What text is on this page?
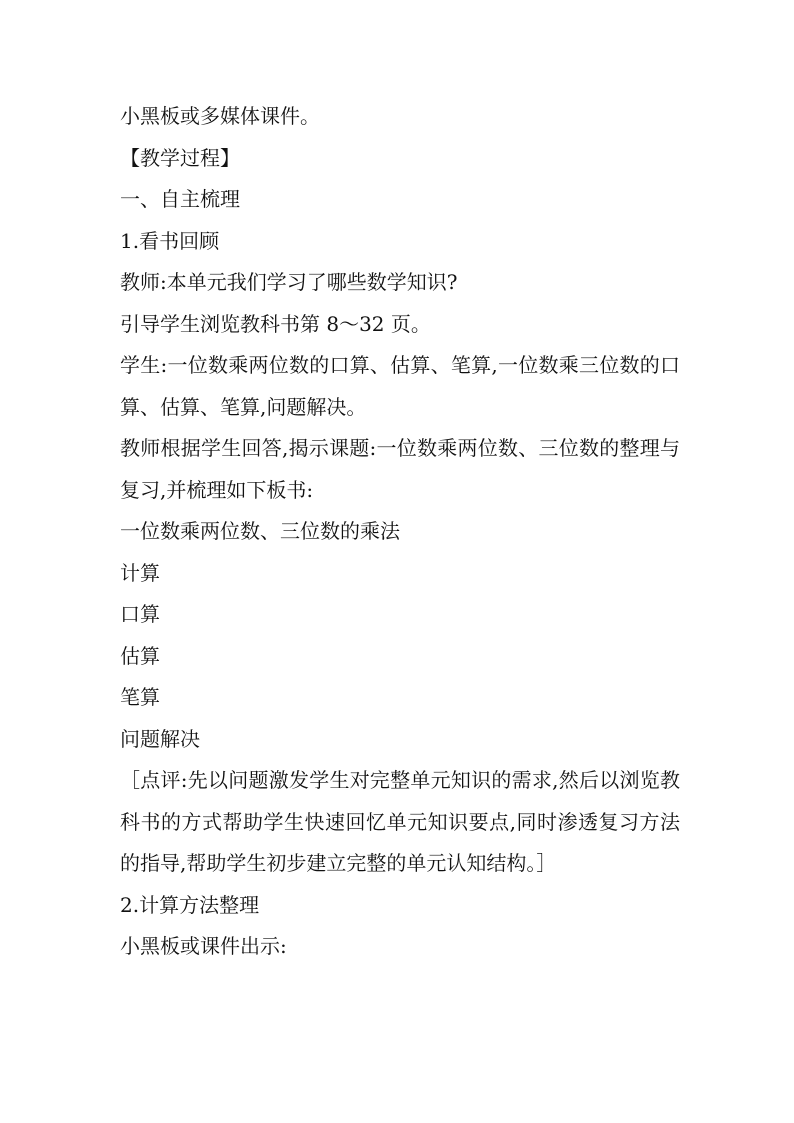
小黑板或多媒体课件。

【教学过程】

一、自主梳理

1.看书回顾

教师:本单元我们学习了哪些数学知识?

引导学生浏览教科书第 8～32 页。

学生:一位数乘两位数的口算、估算、笔算,一位数乘三位数的口算、估算、笔算,问题解决。

教师根据学生回答,揭示课题:一位数乘两位数、三位数的整理与复习,并梳理如下板书:

一位数乘两位数、三位数的乘法

计算

口算

估算

笔算

问题解决

［点评:先以问题激发学生对完整单元知识的需求,然后以浏览教科书的方式帮助学生快速回忆单元知识要点,同时渗透复习方法的指导,帮助学生初步建立完整的单元认知结构。］

2.计算方法整理

小黑板或课件出示:
